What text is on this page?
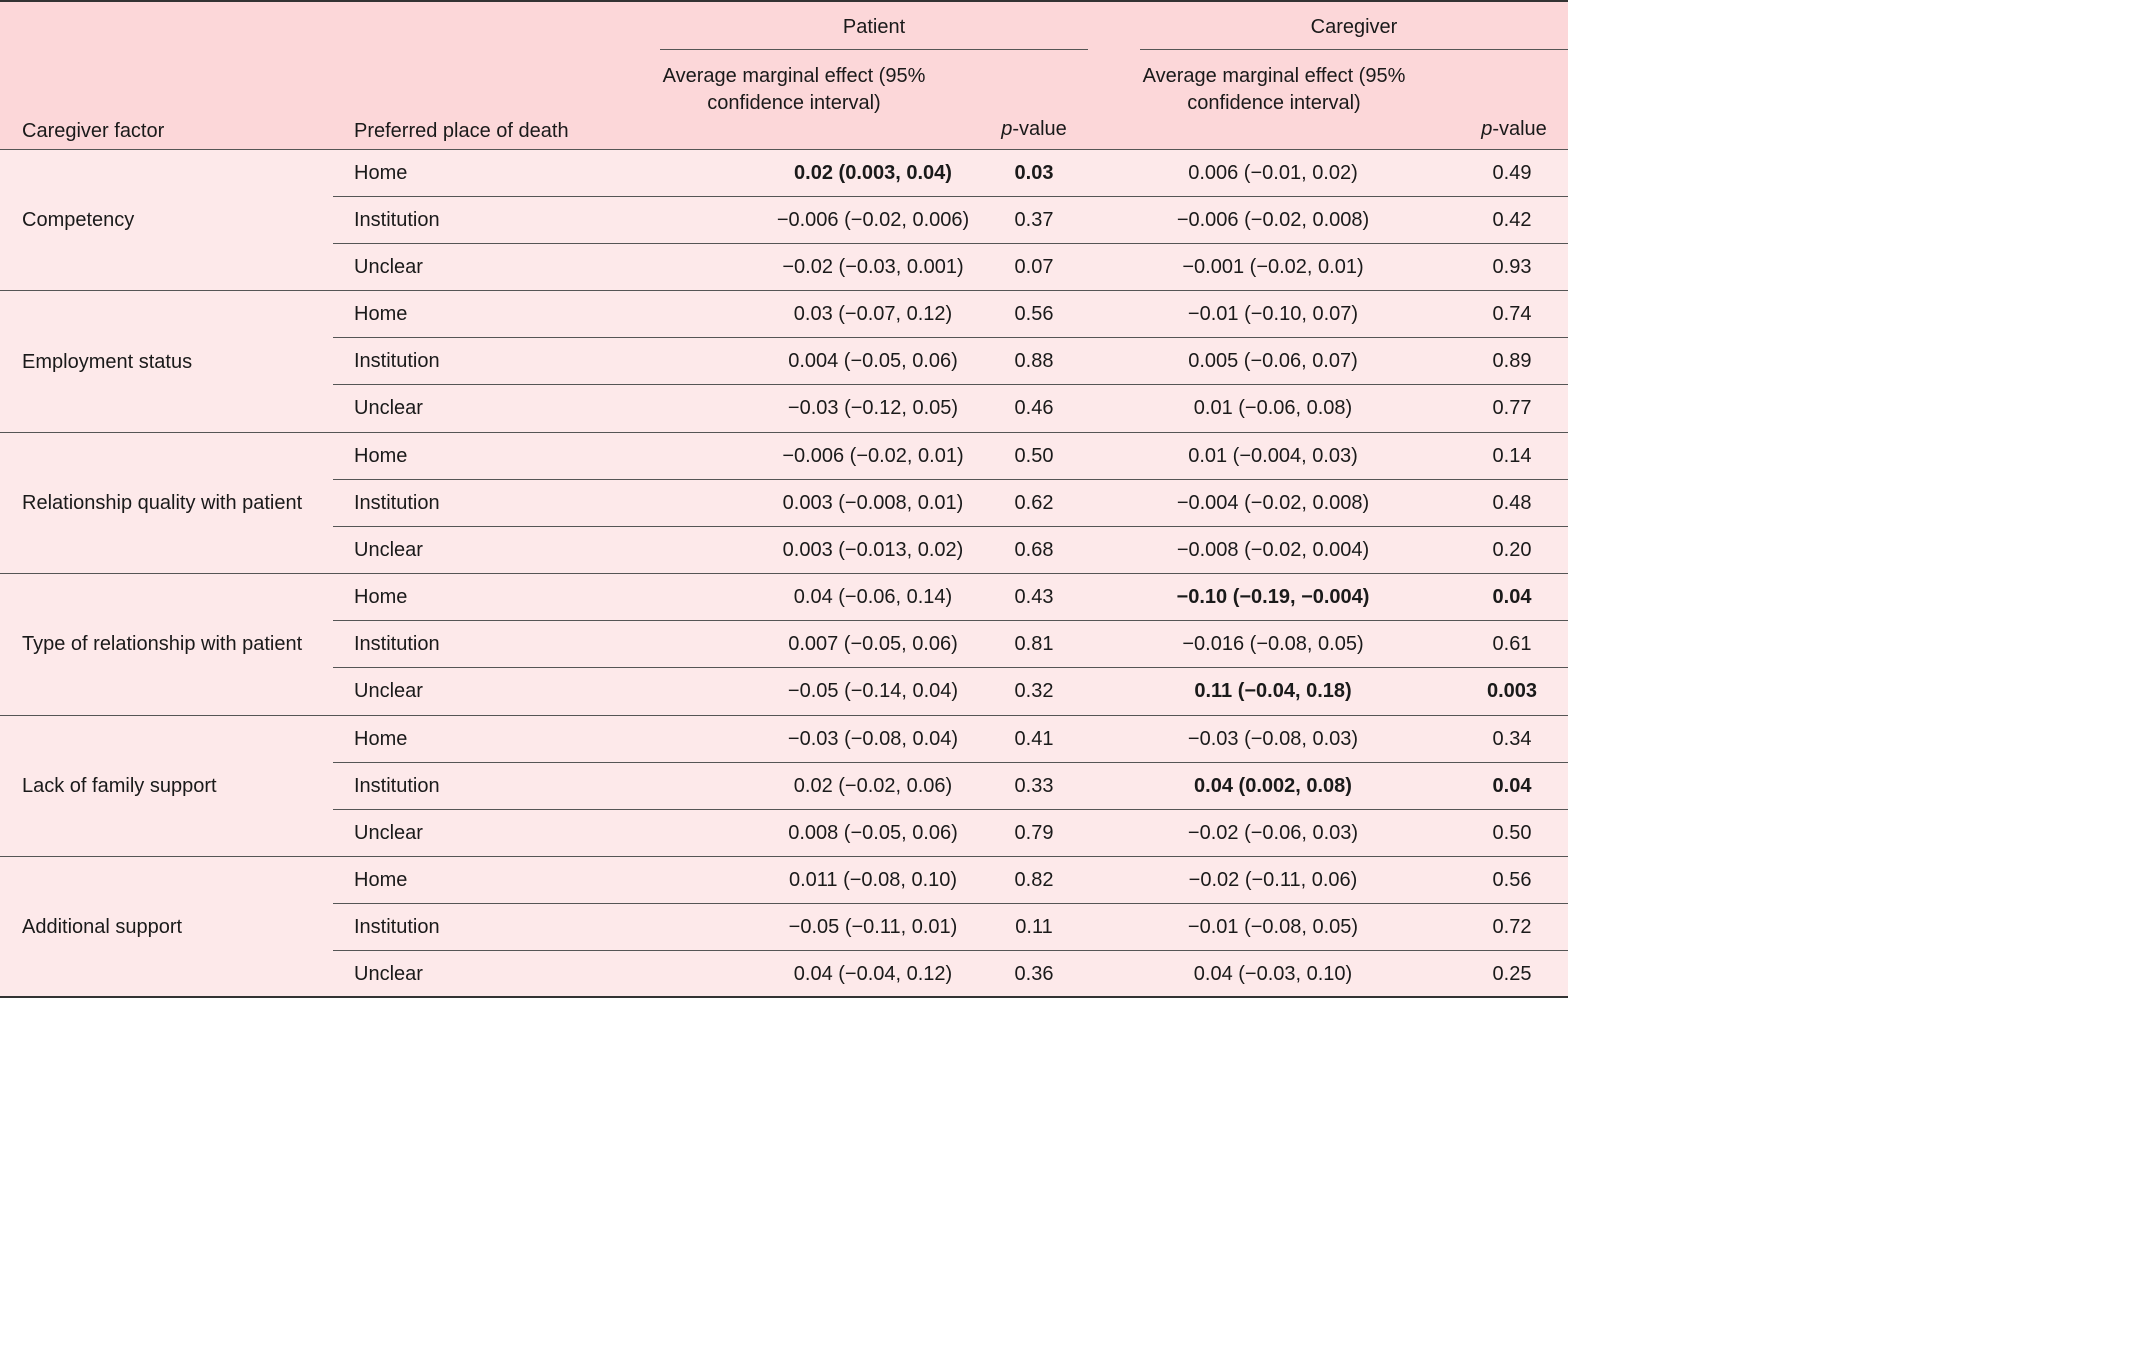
Caregiver factor	Preferred place of death
Patient	Caregiver
Average marginal effect (95% confidence interval)
p-value
Average marginal effect (95% confidence interval)
p-value
Competency
Home	0.02 (0.003, 0.04)	0.03	0.006 (−0.01, 0.02)	0.49
Institution	−0.006 (−0.02, 0.006)	0.37	−0.006 (−0.02, 0.008)	0.42
Unclear	−0.02 (−0.03, 0.001)	0.07	−0.001 (−0.02, 0.01)	0.93
Employment status
Home	0.03 (−0.07, 0.12)	0.56	−0.01 (−0.10, 0.07)	0.74
Institution	0.004 (−0.05, 0.06)	0.88	0.005 (−0.06, 0.07)	0.89
Unclear	−0.03 (−0.12, 0.05)	0.46	0.01 (−0.06, 0.08)	0.77
Relationship quality with patient
Home	−0.006 (−0.02, 0.01)	0.50	0.01 (−0.004, 0.03)	0.14
Institution	0.003 (−0.008, 0.01)	0.62	−0.004 (−0.02, 0.008)	0.48
Unclear	0.003 (−0.013, 0.02)	0.68	−0.008 (−0.02, 0.004)	0.20
Type of relationship with patient
Home	0.04 (−0.06, 0.14)	0.43	−0.10 (−0.19, −0.004)	0.04
Institution	0.007 (−0.05, 0.06)	0.81	−0.016 (−0.08, 0.05)	0.61
Unclear	−0.05 (−0.14, 0.04)	0.32	0.11 (−0.04, 0.18)	0.003
Lack of family support
Home	−0.03 (−0.08, 0.04)	0.41	−0.03 (−0.08, 0.03)	0.34
Institution	0.02 (−0.02, 0.06)	0.33	0.04 (0.002, 0.08)	0.04
Unclear	0.008 (−0.05, 0.06)	0.79	−0.02 (−0.06, 0.03)	0.50
Additional support
Home	0.011 (−0.08, 0.10)	0.82	−0.02 (−0.11, 0.06)	0.56
Institution	−0.05 (−0.11, 0.01)	0.11	−0.01 (−0.08, 0.05)	0.72
Unclear	0.04 (−0.04, 0.12)	0.36	0.04 (−0.03, 0.10)	0.25
